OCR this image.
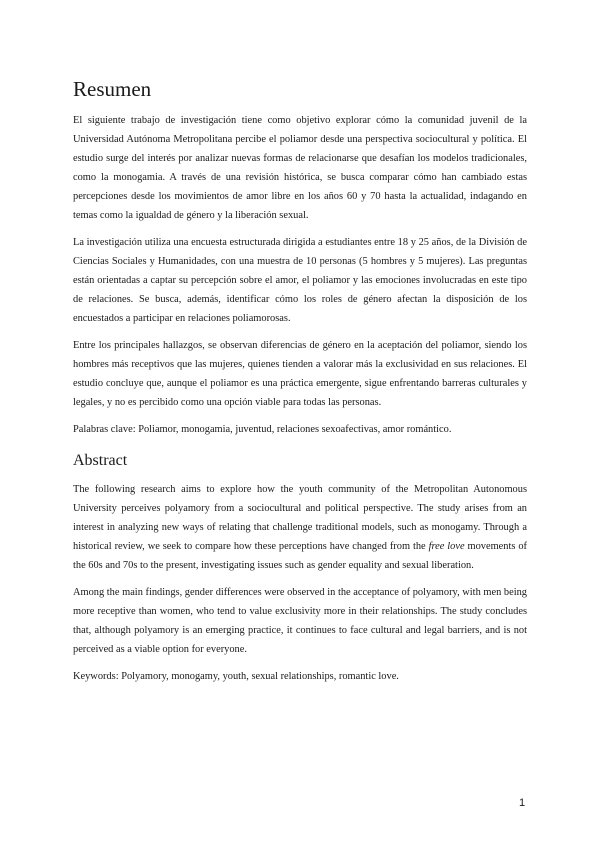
Resumen

El siguiente trabajo de investigación tiene como objetivo explorar cómo la comunidad juvenil de la Universidad Autónoma Metropolitana percibe el poliamor desde una perspectiva sociocultural y política. El estudio surge del interés por analizar nuevas formas de relacionarse que desafían los modelos tradicionales, como la monogamia. A través de una revisión histórica, se busca comparar cómo han cambiado estas percepciones desde los movimientos de amor libre en los años 60 y 70 hasta la actualidad, indagando en temas como la igualdad de género y la liberación sexual.

La investigación utiliza una encuesta estructurada dirigida a estudiantes entre 18 y 25 años, de la División de Ciencias Sociales y Humanidades, con una muestra de 10 personas (5 hombres y 5 mujeres). Las preguntas están orientadas a captar su percepción sobre el amor, el poliamor y las emociones involucradas en este tipo de relaciones. Se busca, además, identificar cómo los roles de género afectan la disposición de los encuestados a participar en relaciones poliamorosas.

Entre los principales hallazgos, se observan diferencias de género en la aceptación del poliamor, siendo los hombres más receptivos que las mujeres, quienes tienden a valorar más la exclusividad en sus relaciones. El estudio concluye que, aunque el poliamor es una práctica emergente, sigue enfrentando barreras culturales y legales, y no es percibido como una opción viable para todas las personas.

Palabras clave: Poliamor, monogamia, juventud, relaciones sexoafectivas, amor romántico.

Abstract

The following research aims to explore how the youth community of the Metropolitan Autonomous University perceives polyamory from a sociocultural and political perspective. The study arises from an interest in analyzing new ways of relating that challenge traditional models, such as monogamy. Through a historical review, we seek to compare how these perceptions have changed from the free love movements of the 60s and 70s to the present, investigating issues such as gender equality and sexual liberation.

Among the main findings, gender differences were observed in the acceptance of polyamory, with men being more receptive than women, who tend to value exclusivity more in their relationships. The study concludes that, although polyamory is an emerging practice, it continues to face cultural and legal barriers, and is not perceived as a viable option for everyone.

Keywords: Polyamory, monogamy, youth, sexual relationships, romantic love.

1
